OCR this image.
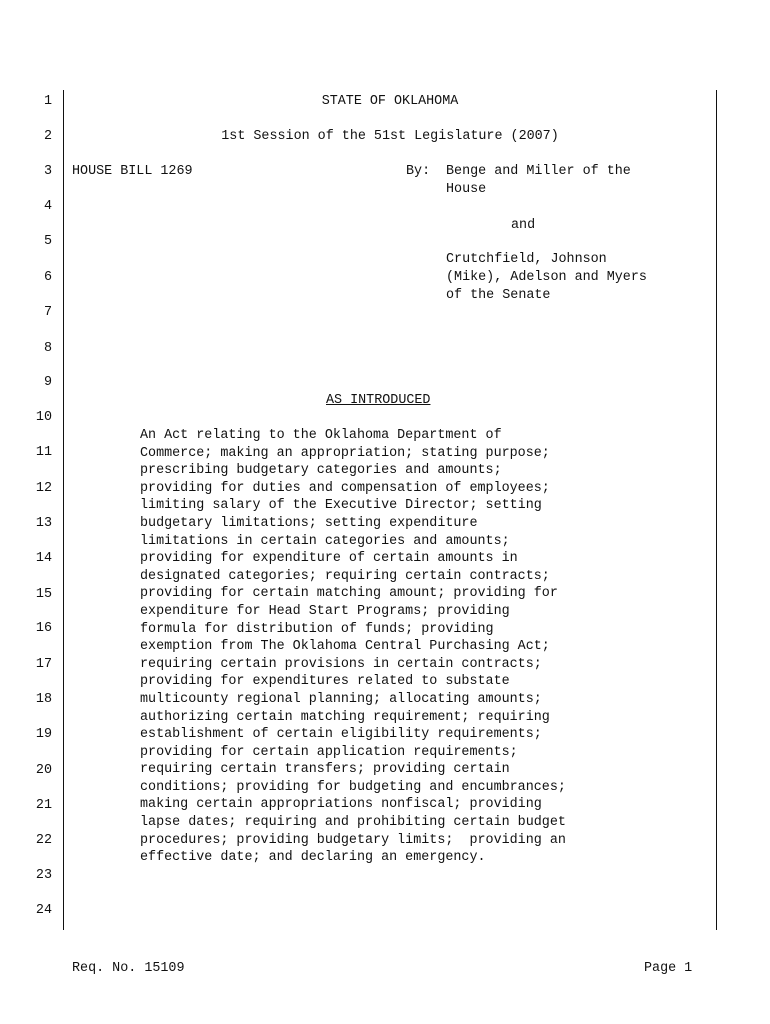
1
2
3
4
5
6
7
8
9
10
11
12
13
14
15
16
17
18
19
20
21
22
23
24
STATE OF OKLAHOMA
1st Session of the 51st Legislature (2007)
HOUSE BILL 1269	By: Benge and Miller of the
House
and
Crutchfield, Johnson
(Mike), Adelson and Myers
of the Senate
AS INTRODUCED
An Act relating to the Oklahoma Department of
Commerce; making an appropriation; stating purpose;
prescribing budgetary categories and amounts;
providing for duties and compensation of employees;
limiting salary of the Executive Director; setting
budgetary limitations; setting expenditure
limitations in certain categories and amounts;
providing for expenditure of certain amounts in
designated categories; requiring certain contracts;
providing for certain matching amount; providing for
expenditure for Head Start Programs; providing
formula for distribution of funds; providing
exemption from The Oklahoma Central Purchasing Act;
requiring certain provisions in certain contracts;
providing for expenditures related to substate
multicounty regional planning; allocating amounts;
authorizing certain matching requirement; requiring
establishment of certain eligibility requirements;
providing for certain application requirements;
requiring certain transfers; providing certain
conditions; providing for budgeting and encumbrances;
making certain appropriations nonfiscal; providing
lapse dates; requiring and prohibiting certain budget
procedures; providing budgetary limits;  providing an
effective date; and declaring an emergency.
Req. No. 15109	Page 1
